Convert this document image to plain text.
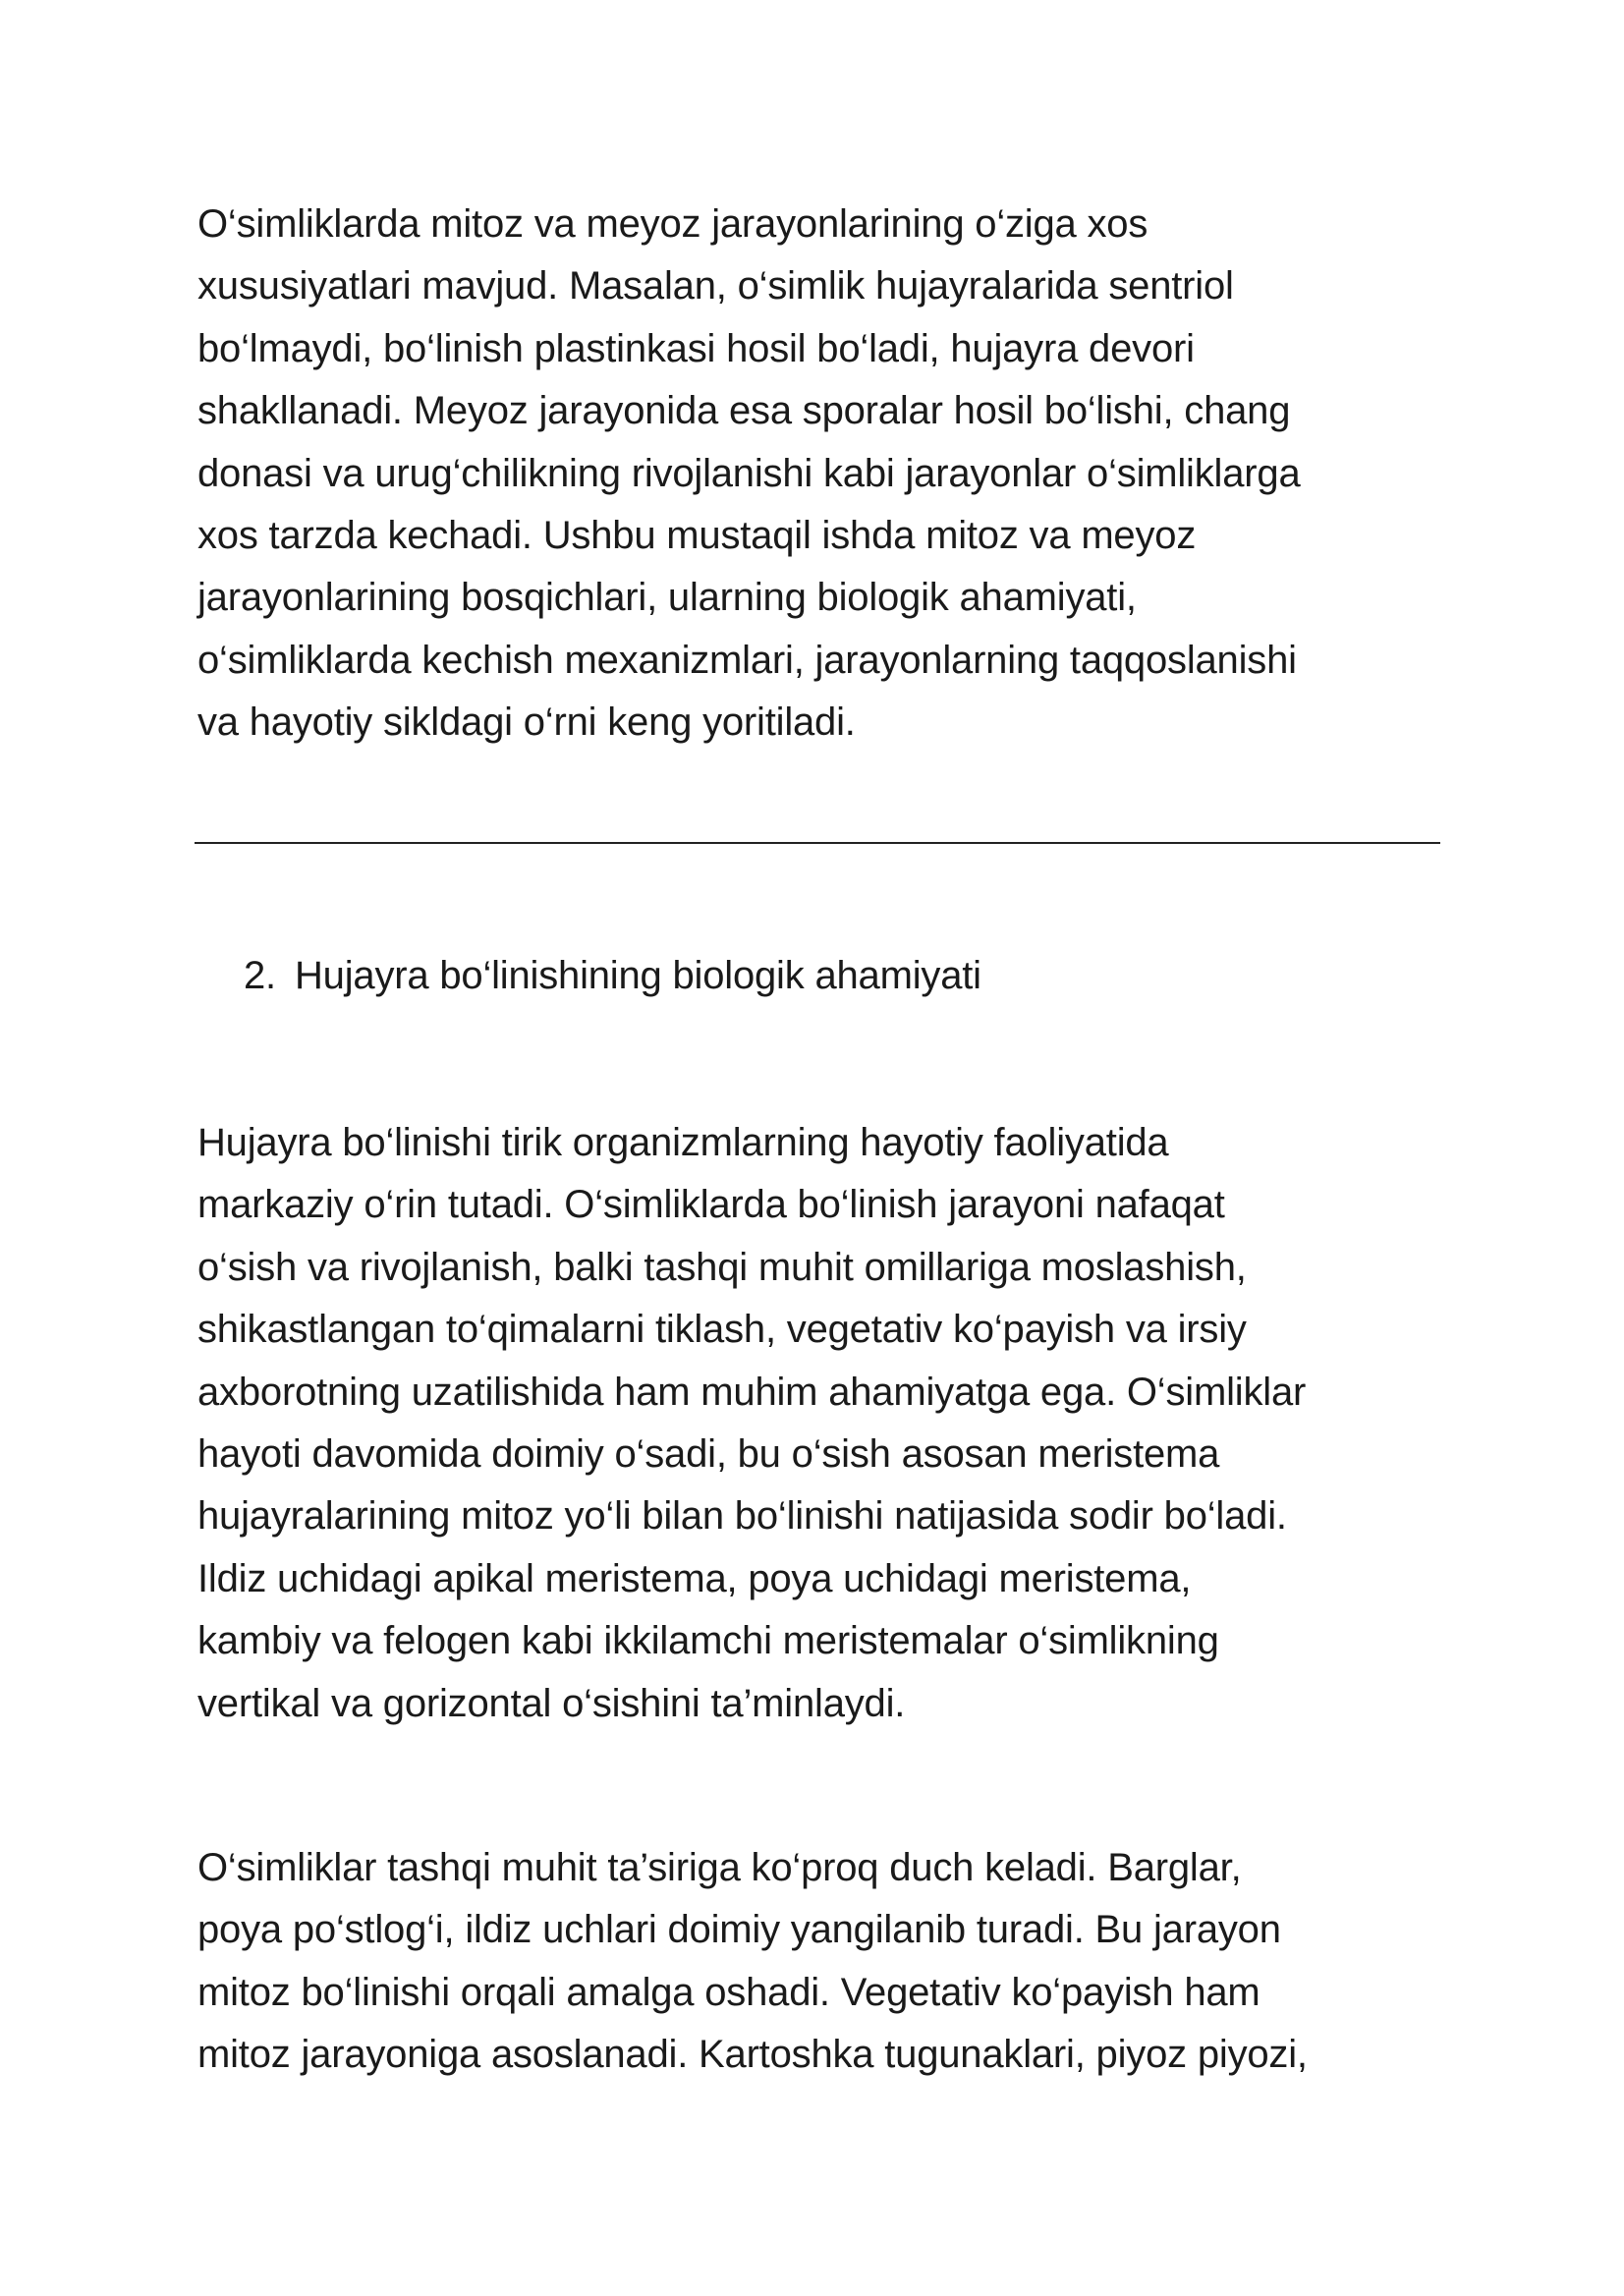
O‘simliklarda mitoz va meyoz jarayonlarining o‘ziga xos
xususiyatlari mavjud. Masalan, o‘simlik hujayralarida sentriol
bo‘lmaydi, bo‘linish plastinkasi hosil bo‘ladi, hujayra devori
shakllanadi. Meyoz jarayonida esa sporalar hosil bo‘lishi, chang
donasi va urug‘chilikning rivojlanishi kabi jarayonlar o‘simliklarga
xos tarzda kechadi. Ushbu mustaqil ishda mitoz va meyoz
jarayonlarining bosqichlari, ularning biologik ahamiyati,
o‘simliklarda kechish mexanizmlari, jarayonlarning taqqoslanishi
va hayotiy sikldagi o‘rni keng yoritiladi.

2. Hujayra bo‘linishining biologik ahamiyati

Hujayra bo‘linishi tirik organizmlarning hayotiy faoliyatida
markaziy o‘rin tutadi. O‘simliklarda bo‘linish jarayoni nafaqat
o‘sish va rivojlanish, balki tashqi muhit omillariga moslashish,
shikastlangan to‘qimalarni tiklash, vegetativ ko‘payish va irsiy
axborotning uzatilishida ham muhim ahamiyatga ega. O‘simliklar
hayoti davomida doimiy o‘sadi, bu o‘sish asosan meristema
hujayralarining mitoz yo‘li bilan bo‘linishi natijasida sodir bo‘ladi.
Ildiz uchidagi apikal meristema, poya uchidagi meristema,
kambiy va felogen kabi ikkilamchi meristemalar o‘simlikning
vertikal va gorizontal o‘sishini ta’minlaydi.

O‘simliklar tashqi muhit ta’siriga ko‘proq duch keladi. Barglar,
poya po‘stlog‘i, ildiz uchlari doimiy yangilanib turadi. Bu jarayon
mitoz bo‘linishi orqali amalga oshadi. Vegetativ ko‘payish ham
mitoz jarayoniga asoslanadi. Kartoshka tugunaklari, piyoz piyozi,
